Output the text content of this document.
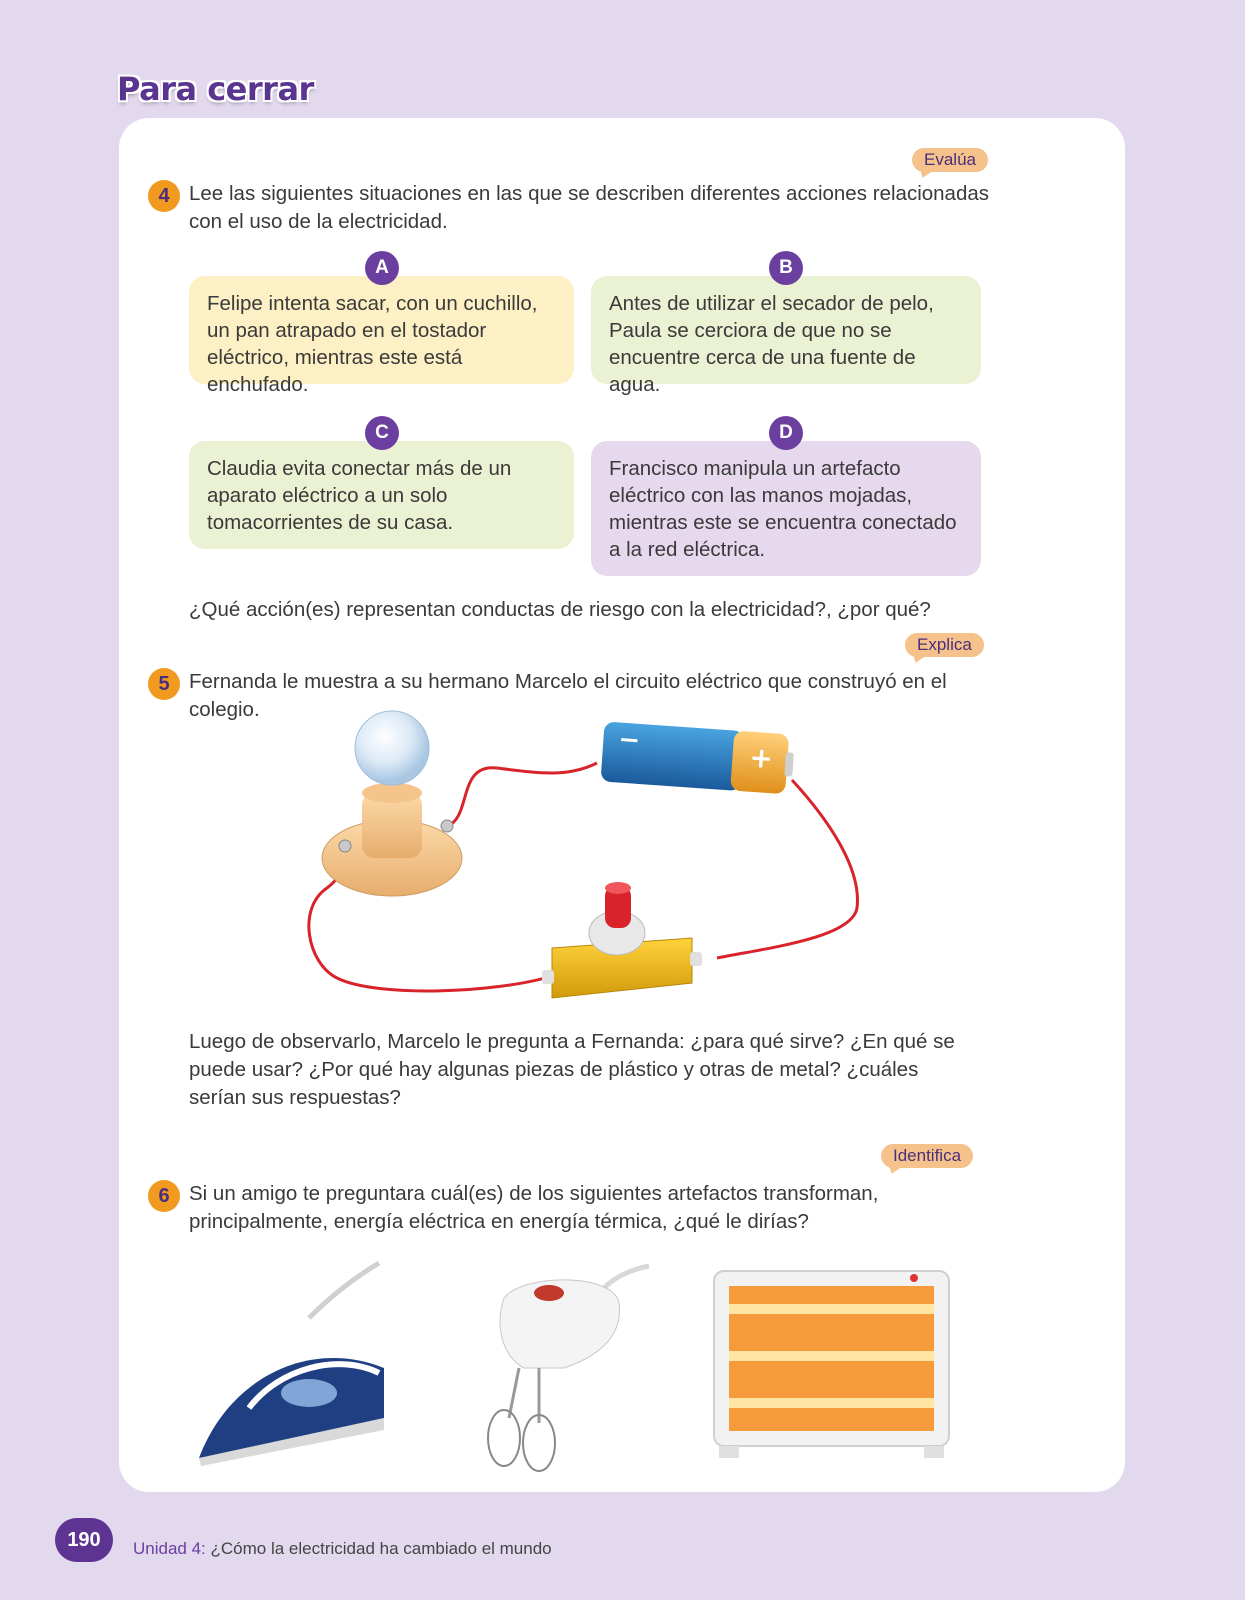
Para cerrar
Evalúa
4 Lee las siguientes situaciones en las que se describen diferentes acciones relacionadas con el uso de la electricidad.
Felipe intenta sacar, con un cuchillo, un pan atrapado en el tostador eléctrico, mientras este está enchufado.
A
Antes de utilizar el secador de pelo, Paula se cerciora de que no se encuentre cerca de una fuente de agua.
B
Claudia evita conectar más de un aparato eléctrico a un solo tomacorrientes de su casa.
C
Francisco manipula un artefacto eléctrico con las manos mojadas, mientras este se encuentra conectado a la red eléctrica.
D
¿Qué acción(es) representan conductas de riesgo con la electricidad?, ¿por qué?
Explica
5 Fernanda le muestra a su hermano Marcelo el circuito eléctrico que construyó en el colegio.
−
+
Luego de observarlo, Marcelo le pregunta a Fernanda: ¿para qué sirve? ¿En qué se puede usar? ¿Por qué hay algunas piezas de plástico y otras de metal? ¿cuáles serían sus respuestas?
Identifica
6 Si un amigo te preguntara cuál(es) de los siguientes artefactos transforman, principalmente, energía eléctrica en energía térmica, ¿qué le dirías?
190	Unidad 4: ¿Cómo la electricidad ha cambiado el mundo
